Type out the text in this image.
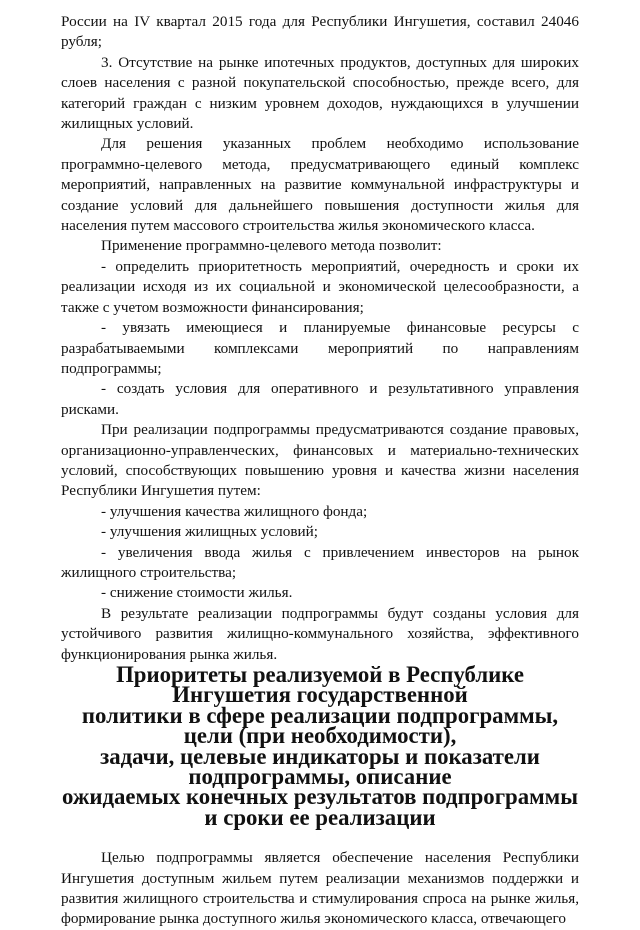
России на IV квартал 2015 года для Республики Ингушетия, составил 24046 рубля;

3. Отсутствие на рынке ипотечных продуктов, доступных для широких слоев населения с разной покупательской способностью, прежде всего, для категорий граждан с низким уровнем доходов, нуждающихся в улучшении жилищных условий.

Для решения указанных проблем необходимо использование программно-целевого метода, предусматривающего единый комплекс мероприятий, направленных на развитие коммунальной инфраструктуры и создание условий для дальнейшего повышения доступности жилья для населения путем массового строительства жилья экономического класса.

Применение программно-целевого метода позволит:

- определить приоритетность мероприятий, очередность и сроки их реализации исходя из их социальной и экономической целесообразности, а также с учетом возможности финансирования;

- увязать имеющиеся и планируемые финансовые ресурсы с разрабатываемыми комплексами мероприятий по направлениям подпрограммы;

- создать условия для оперативного и результативного управления рисками.

При реализации подпрограммы предусматриваются создание правовых, организационно-управленческих, финансовых и материально-технических условий, способствующих повышению уровня и качества жизни населения Республики Ингушетия путем:

- улучшения качества жилищного фонда;

- улучшения жилищных условий;

- увеличения ввода жилья с привлечением инвесторов на рынок жилищного строительства;

- снижение стоимости жилья.

В результате реализации подпрограммы будут созданы условия для устойчивого развития жилищно-коммунального хозяйства, эффективного функционирования рынка жилья.

Приоритеты реализуемой в Республике Ингушетия государственной
политики в сфере реализации подпрограммы, цели (при необходимости),
задачи, целевые индикаторы и показатели подпрограммы, описание
ожидаемых конечных результатов подпрограммы и сроки ее реализации

Целью подпрограммы является обеспечение населения Республики Ингушетия доступным жильем путем реализации механизмов поддержки и развития жилищного строительства и стимулирования спроса на рынке жилья, формирование рынка доступного жилья экономического класса, отвечающего
